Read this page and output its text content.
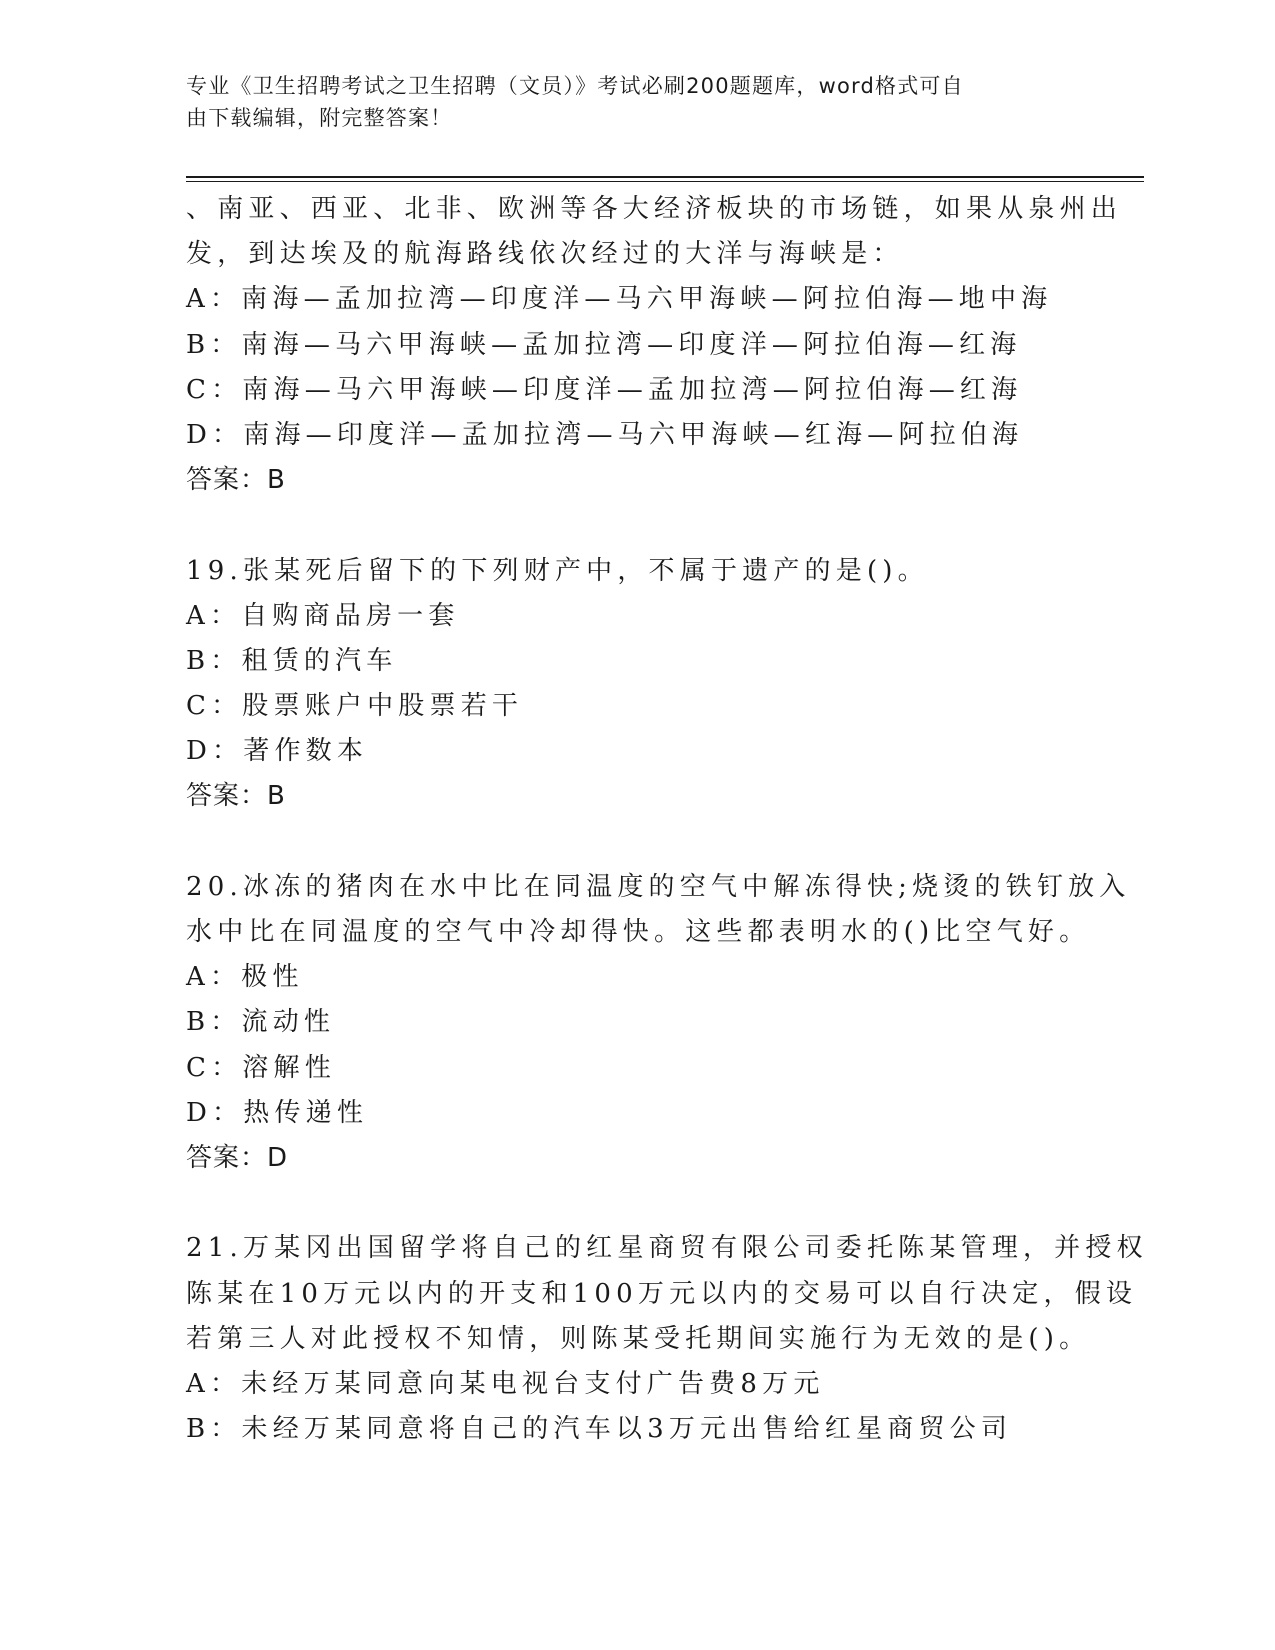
专业《卫生招聘考试之卫生招聘（文员）》考试必刷200题题库，word格式可自
由下载编辑，附完整答案！
、南亚、西亚、北非、欧洲等各大经济板块的市场链，如果从泉州出
发，到达埃及的航海路线依次经过的大洋与海峡是：
A：南海—孟加拉湾—印度洋—马六甲海峡—阿拉伯海—地中海
B：南海—马六甲海峡—孟加拉湾—印度洋—阿拉伯海—红海
C：南海—马六甲海峡—印度洋—孟加拉湾—阿拉伯海—红海
D：南海—印度洋—孟加拉湾—马六甲海峡—红海—阿拉伯海
答案：B
19.张某死后留下的下列财产中，不属于遗产的是()。
A：自购商品房一套
B：租赁的汽车
C：股票账户中股票若干
D：著作数本
答案：B
20.冰冻的猪肉在水中比在同温度的空气中解冻得快;烧烫的铁钉放入
水中比在同温度的空气中冷却得快。这些都表明水的()比空气好。
A：极性
B：流动性
C：溶解性
D：热传递性
答案：D
21.万某冈出国留学将自己的红星商贸有限公司委托陈某管理，并授权
陈某在10万元以内的开支和100万元以内的交易可以自行决定，假设
若第三人对此授权不知情，则陈某受托期间实施行为无效的是()。
A：未经万某同意向某电视台支付广告费8万元
B：未经万某同意将自己的汽车以3万元出售给红星商贸公司
